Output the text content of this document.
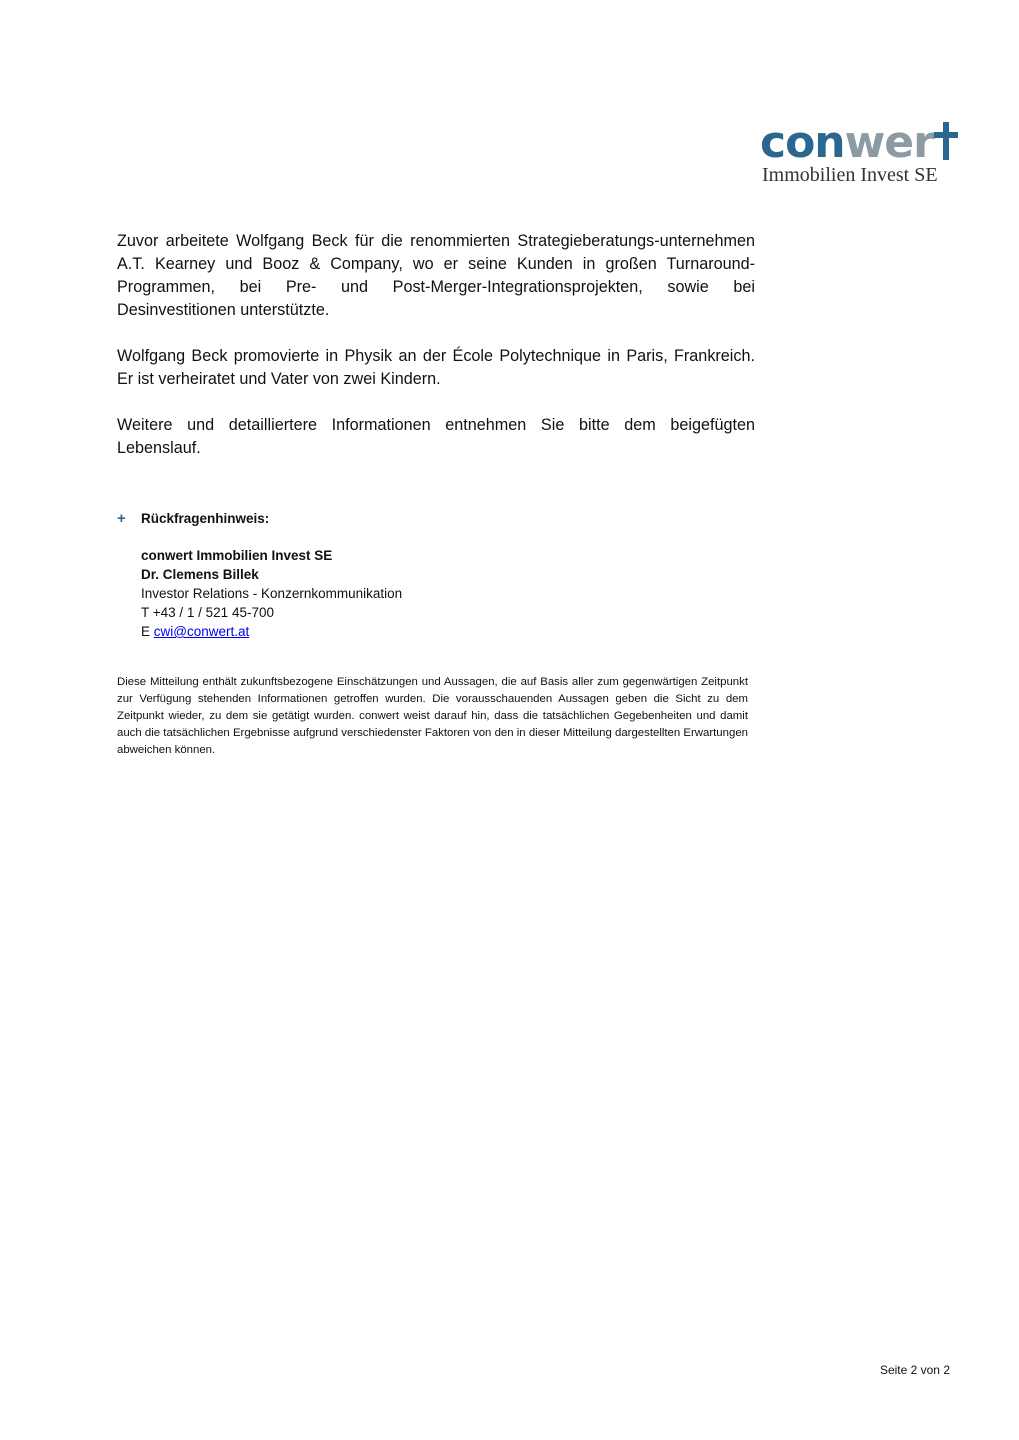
conwer
Immobilien Invest SE

Zuvor arbeitete Wolfgang Beck für die renommierten Strategieberatungs-unternehmen A.T. Kearney und Booz & Company, wo er seine Kunden in großen Turnaround-Programmen, bei Pre- und Post-Merger-Integrationsprojekten, sowie bei Desinvestitionen unterstützte.

Wolfgang Beck promovierte in Physik an der École Polytechnique in Paris, Frankreich. Er ist verheiratet und Vater von zwei Kindern.

Weitere und detailliertere Informationen entnehmen Sie bitte dem beigefügten Lebenslauf.

+ Rückfragenhinweis:
conwert Immobilien Invest SE
Dr. Clemens Billek
Investor Relations - Konzernkommunikation
T +43 / 1 / 521 45-700
E cwi@conwert.at
Diese Mitteilung enthält zukunftsbezogene Einschätzungen und Aussagen, die auf Basis aller zum gegenwärtigen Zeitpunkt zur Verfügung stehenden Informationen getroffen wurden. Die vorausschauenden Aussagen geben die Sicht zu dem Zeitpunkt wieder, zu dem sie getätigt wurden. conwert weist darauf hin, dass die tatsächlichen Gegebenheiten und damit auch die tatsächlichen Ergebnisse aufgrund verschiedenster Faktoren von den in dieser Mitteilung dargestellten Erwartungen abweichen können.
Seite 2 von 2
